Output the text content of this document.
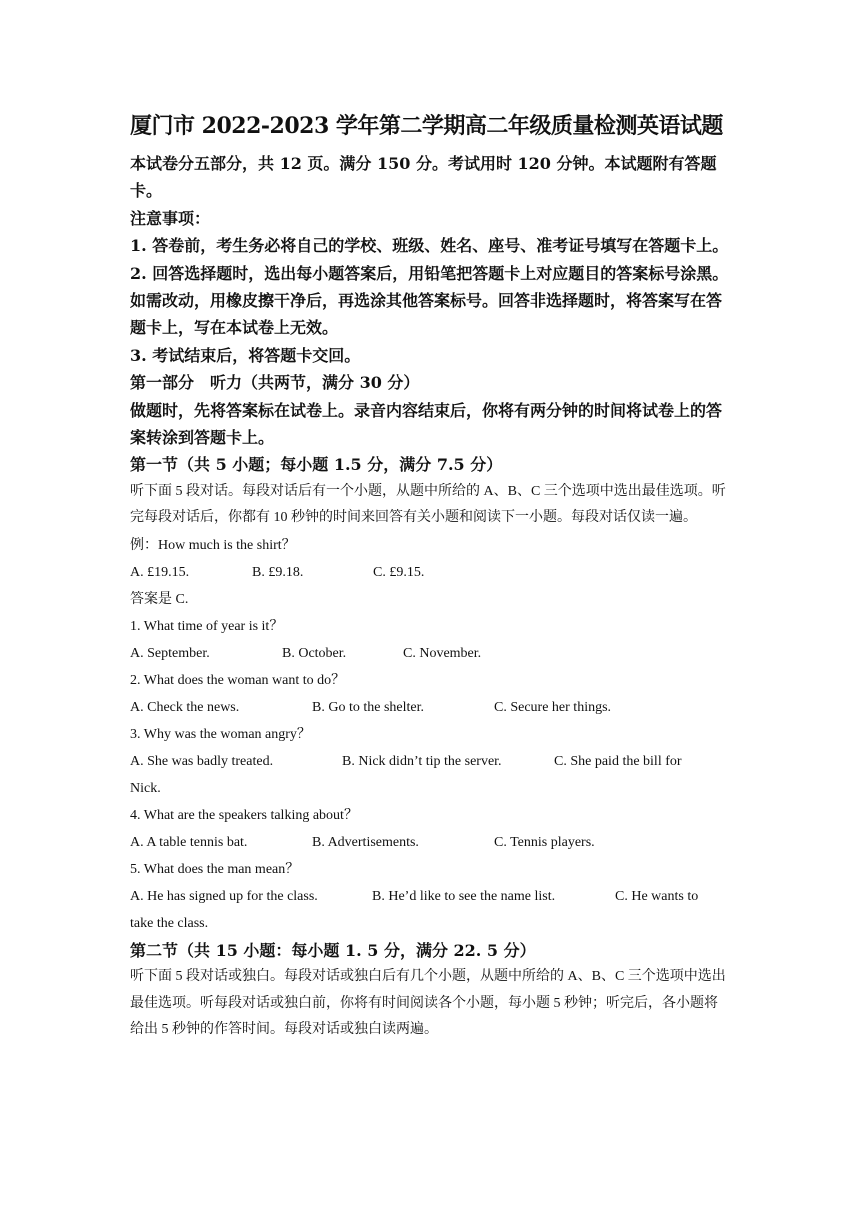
厦门市 2022-2023 学年第二学期高二年级质量检测英语试题

本试卷分五部分，共 12 页。满分 150 分。考试用时 120 分钟。本试题附有答题卡。

注意事项：

1. 答卷前，考生务必将自己的学校、班级、姓名、座号、准考证号填写在答题卡上。

2. 回答选择题时，选出每小题答案后，用铅笔把答题卡上对应题目的答案标号涂黑。如需改动，用橡皮擦干净后，再选涂其他答案标号。回答非选择题时，将答案写在答题卡上，写在本试卷上无效。

3. 考试结束后，将答题卡交回。

第一部分　听力（共两节，满分 30 分）

做题时，先将答案标在试卷上。录音内容结束后，你将有两分钟的时间将试卷上的答案转涂到答题卡上。

第一节（共 5 小题；每小题 1.5 分，满分 7.5 分）

听下面 5 段对话。每段对话后有一个小题，从题中所给的 A、B、C 三个选项中选出最佳选项。听完每段对话后，你都有 10 秒钟的时间来回答有关小题和阅读下一小题。每段对话仅读一遍。

例：How much is the shirt？

A. £19.15.	B. £9.18.	C. £9.15.

答案是 C.

1. What time of year is it？

A. September.	B. October.	C. November.

2. What does the woman want to do？

A. Check the news.	B. Go to the shelter.	C. Secure her things.

3. Why was the woman angry？

A. She was badly treated.	B. Nick didn’t tip the server.	C. She paid the bill for

Nick.

4. What are the speakers talking about？

A. A table tennis bat.	B. Advertisements.	C. Tennis players.

5. What does the man mean？

A. He has signed up for the class.	B. He’d like to see the name list.	C. He wants to

take the class.

第二节（共 15 小题：每小题 1. 5 分，满分 22. 5 分）

听下面 5 段对话或独白。每段对话或独白后有几个小题，从题中所给的 A、B、C 三个选项中选出最佳选项。听每段对话或独白前，你将有时间阅读各个小题，每小题 5 秒钟；听完后，各小题将给出 5 秒钟的作答时间。每段对话或独白读两遍。
